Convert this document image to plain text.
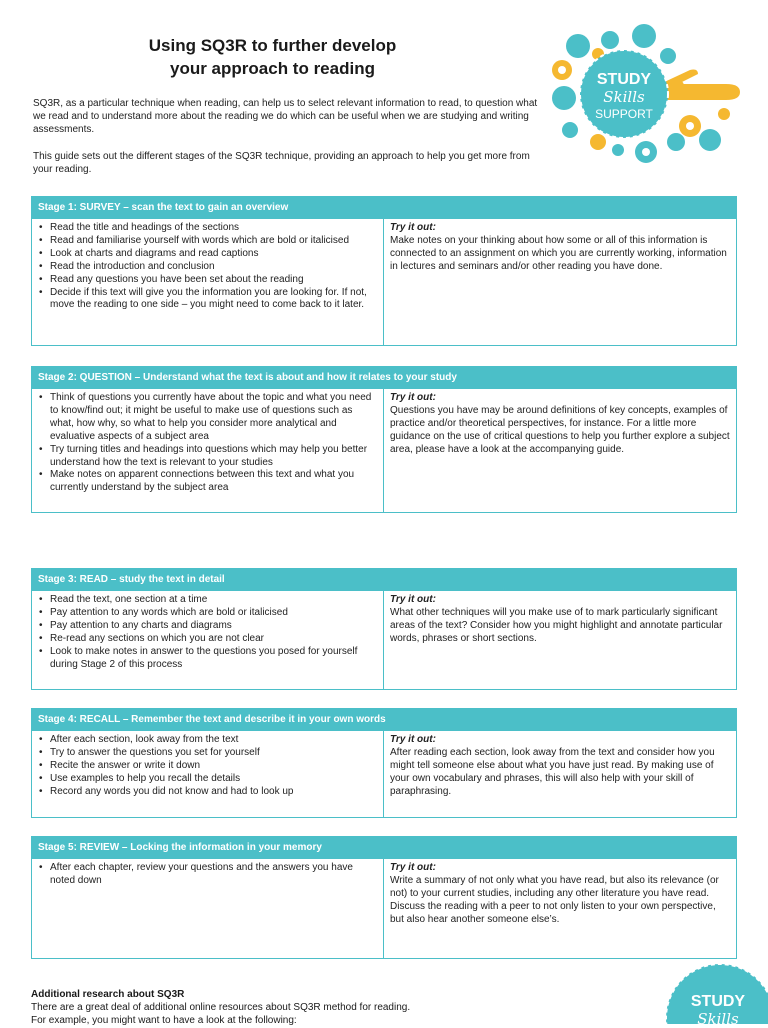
Using SQ3R to further develop
your approach to reading
STUDY
Skills
SUPPORT
SQ3R, as a particular technique when reading, can help us to select relevant information to read, to question what we read and to understand more about the reading we do which can be useful when we are studying and writing assessments.
This guide sets out the different stages of the SQ3R technique, providing an approach to help you get more from your reading.
Stage 1: SURVEY – scan the text to gain an overview
• Read the title and headings of the sections
• Read and familiarise yourself with words which are bold or italicised
• Look at charts and diagrams and read captions
• Read the introduction and conclusion
• Read any questions you have been set about the reading
• Decide if this text will give you the information you are looking for. If not, move the reading to one side – you might need to come back to it later.
Try it out:
Make notes on your thinking about how some or all of this information is connected to an assignment on which you are currently working, information in lectures and seminars and/or other reading you have done.
Stage 2: QUESTION – Understand what the text is about and how it relates to your study
• Think of questions you currently have about the topic and what you need to know/find out; it might be useful to make use of questions such as what, how why, so what to help you consider more analytical and evaluative aspects of a subject area
• Try turning titles and headings into questions which may help you better understand how the text is relevant to your studies
• Make notes on apparent connections between this text and what you currently understand by the subject area
Try it out:
Questions you have may be around definitions of key concepts, examples of practice and/or theoretical perspectives, for instance. For a little more guidance on the use of critical questions to help you further explore a subject area, please have a look at the accompanying guide.
Stage 3: READ – study the text in detail
• Read the text, one section at a time
• Pay attention to any words which are bold or italicised
• Pay attention to any charts and diagrams
• Re-read any sections on which you are not clear
• Look to make notes in answer to the questions you posed for yourself during Stage 2 of this process
Try it out:
What other techniques will you make use of to mark particularly significant areas of the text? Consider how you might highlight and annotate particular words, phrases or short sections.
Stage 4: RECALL – Remember the text and describe it in your own words
• After each section, look away from the text
• Try to answer the questions you set for yourself
• Recite the answer or write it down
• Use examples to help you recall the details
• Record any words you did not know and had to look up
Try it out:
After reading each section, look away from the text and consider how you might tell someone else about what you have just read. By making use of your own vocabulary and phrases, this will also help with your skill of paraphrasing.
Stage 5: REVIEW – Locking the information in your memory
• After each chapter, review your questions and the answers you have noted down
Try it out:
Write a summary of not only what you have read, but also its relevance (or not) to your current studies, including any other literature you have read.
Discuss the reading with a peer to not only listen to your own perspective, but also hear another someone else’s.
Additional research about SQ3R
There are a great deal of additional online resources about SQ3R method for reading.
For example, you might want to have a look at the following:
STUDY
Skills
